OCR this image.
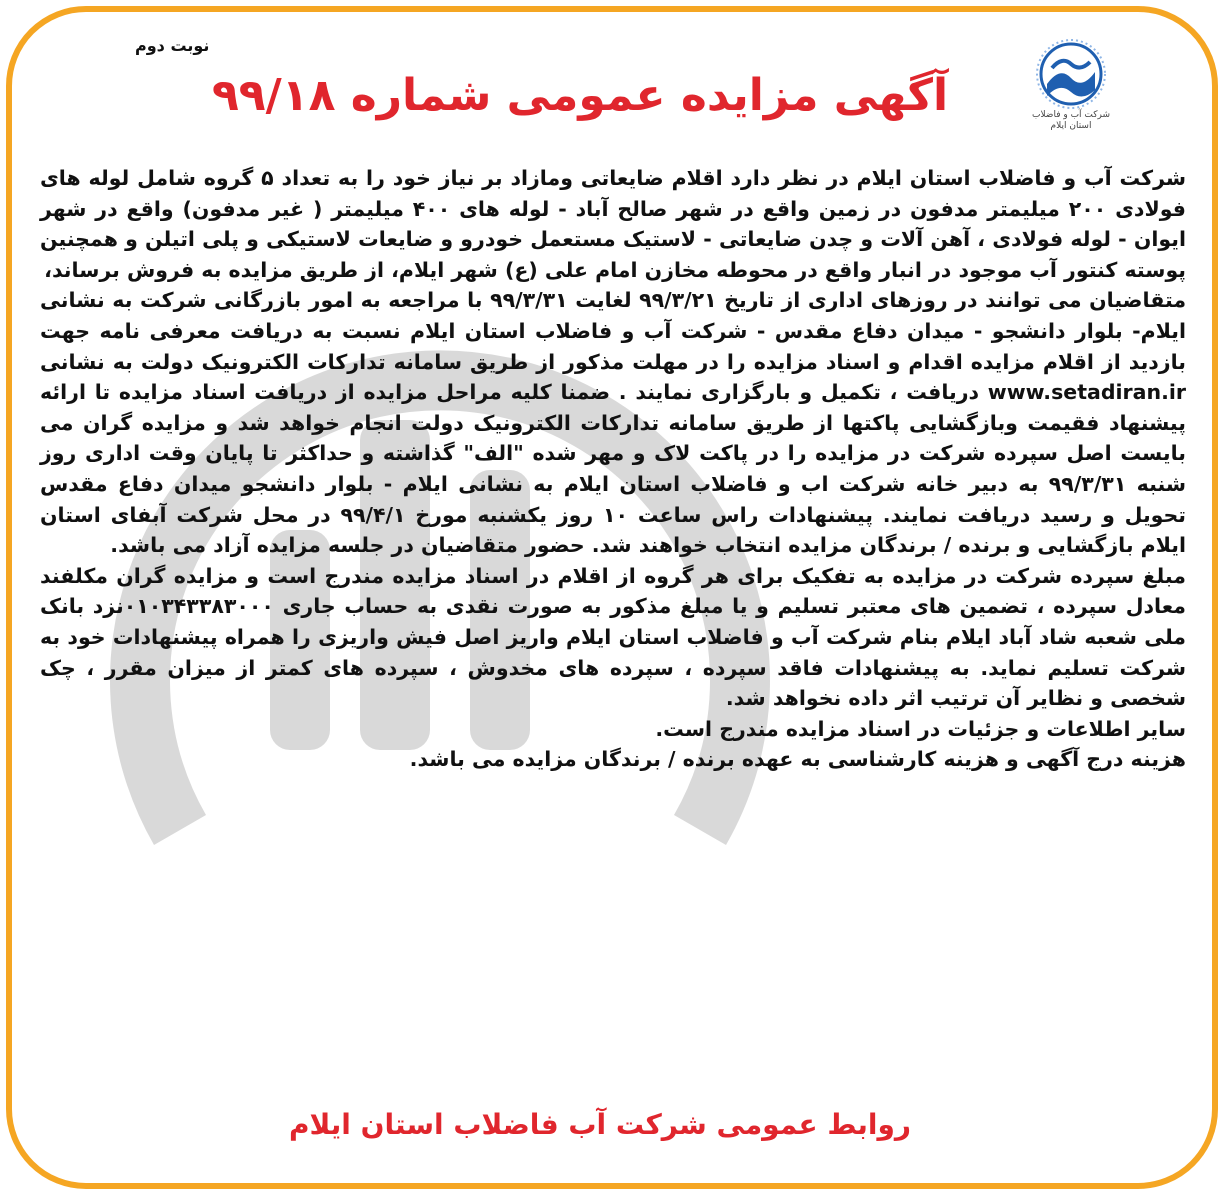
شرکت آب و فاضلاب استان ایلام
نوبت دوم
آگهی مزایده عمومی شماره ۹۹/۱۸

شرکت آب و فاضلاب استان ایلام در نظر دارد اقلام ضایعاتی ومازاد بر نیاز خود را به تعداد ۵ گروه شامل لوله های فولادی ۲۰۰ میلیمتر مدفون در زمین واقع در شهر صالح آباد - لوله های ۴۰۰ میلیمتر ( غیر مدفون) واقع در شهر ایوان - لوله فولادی ، آهن آلات و چدن ضایعاتی - لاستیک مستعمل خودرو و ضایعات لاستیکی و پلی اتیلن و همچنین پوسته کنتور آب موجود در انبار واقع در محوطه مخازن امام علی (ع) شهر ایلام، از طریق مزایده به فروش برساند،

متقاضیان می توانند در روزهای اداری از تاریخ ۹۹/۳/۲۱ لغایت ۹۹/۳/۳۱ با مراجعه به امور بازرگانی شرکت به نشانی ایلام- بلوار دانشجو - میدان دفاع مقدس - شرکت آب و فاضلاب استان ایلام نسبت به دریافت معرفی نامه جهت بازدید از اقلام مزایده اقدام و اسناد مزایده را در مهلت مذکور از طریق سامانه تدارکات الکترونیک دولت به نشانی www.setadiran.ir دریافت ، تکمیل و بارگزاری نمایند . ضمنا کلیه مراحل مزایده از دریافت اسناد مزایده تا ارائه پیشنهاد فقیمت وبازگشایی پاکتها از طریق سامانه تدارکات الکترونیک دولت انجام خواهد شد و مزایده گران می بایست اصل سپرده شرکت در مزایده را در پاکت لاک و مهر شده "الف" گذاشته و حداکثر تا پایان وقت اداری روز شنبه ۹۹/۳/۳۱ به دبیر خانه شرکت اب و فاضلاب استان ایلام به نشانی ایلام - بلوار دانشجو میدان دفاع مقدس تحویل و رسید دریافت نمایند. پیشنهادات راس ساعت ۱۰ روز یکشنبه مورخ ۹۹/۴/۱ در محل شرکت آبفای استان ایلام بازگشایی و برنده / برندگان مزایده انتخاب خواهند شد. حضور متقاضیان در جلسه مزایده آزاد می باشد.

مبلغ سپرده شرکت در مزایده به تفکیک برای هر گروه از اقلام در اسناد مزایده مندرج است و مزایده گران مکلفند معادل سپرده ، تضمین های معتبر تسلیم و یا مبلغ مذکور به صورت نقدی به حساب جاری ۰۱۰۳۴۳۳۸۳۰۰۰نزد بانک ملی شعبه شاد آباد ایلام بنام شرکت آب و فاضلاب استان ایلام واریز اصل فیش واریزی را همراه پیشنهادات خود به شرکت تسلیم نماید. به پیشنهادات فاقد سپرده ، سپرده های مخدوش ، سپرده های کمتر از میزان مقرر ، چک شخصی و نظایر آن ترتیب اثر داده نخواهد شد.

سایر اطلاعات و جزئیات در اسناد مزایده مندرج است.

هزینه درج آگهی و هزینه کارشناسی به عهده برنده / برندگان مزایده می باشد.

روابط عمومی شرکت آب فاضلاب استان ایلام
